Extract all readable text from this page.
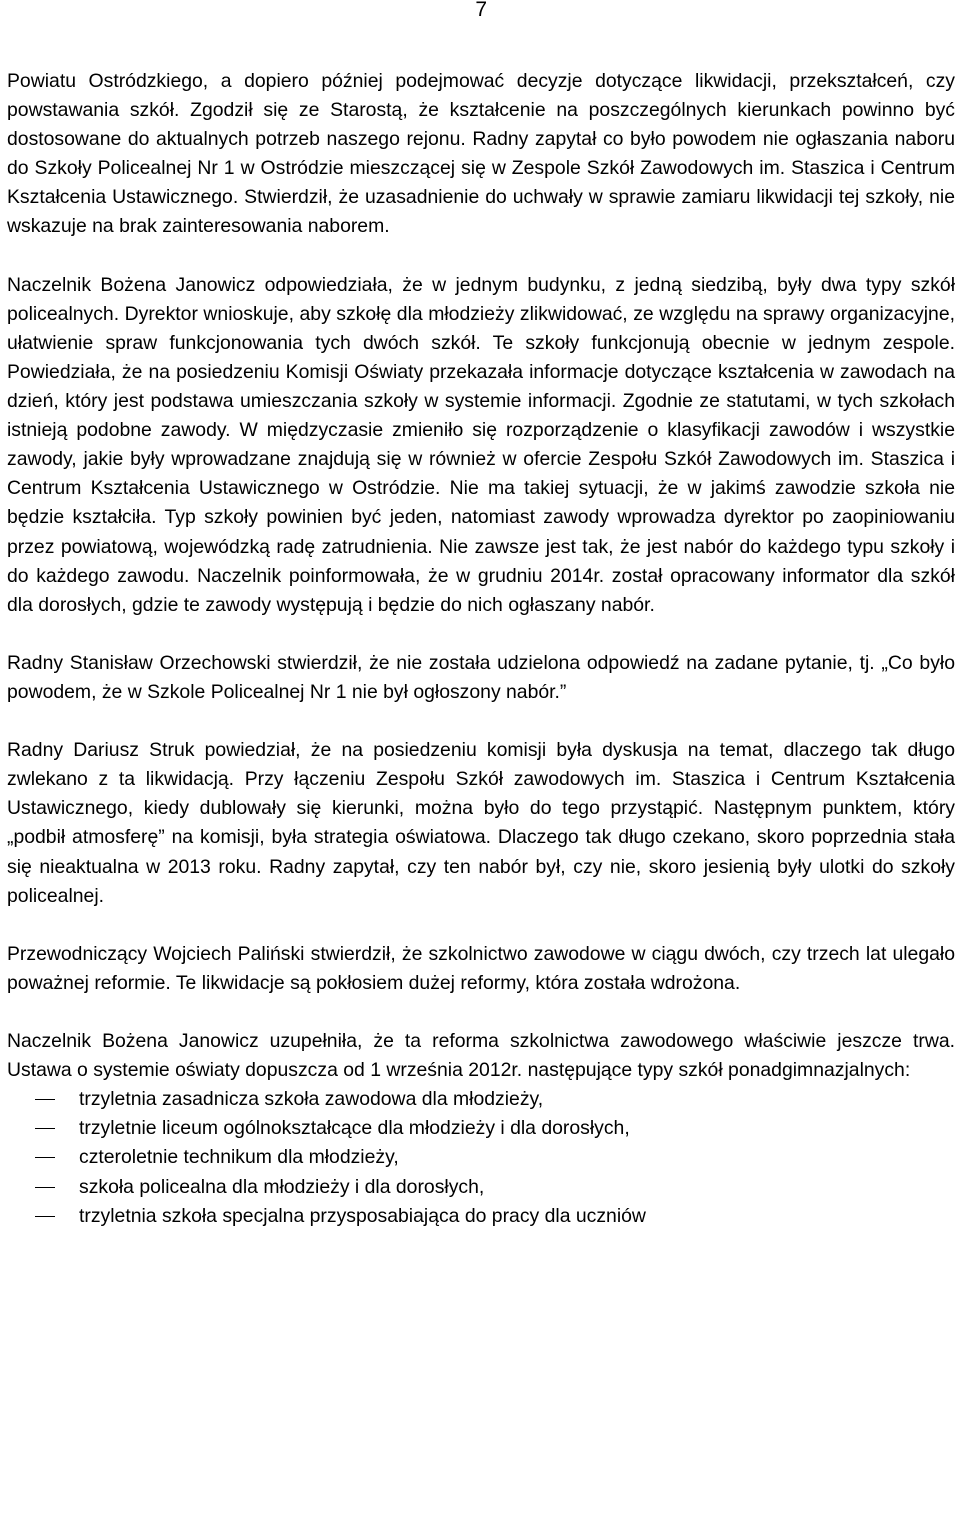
7

Powiatu Ostródzkiego, a dopiero później podejmować decyzje dotyczące likwidacji, przekształceń, czy powstawania szkół. Zgodził się ze Starostą, że kształcenie na poszczególnych kierunkach powinno być dostosowane do aktualnych potrzeb naszego rejonu. Radny zapytał co było powodem nie ogłaszania naboru do Szkoły Policealnej Nr 1 w Ostródzie mieszczącej się w Zespole Szkół Zawodowych im. Staszica i Centrum Kształcenia Ustawicznego. Stwierdził, że uzasadnienie do uchwały w sprawie zamiaru likwidacji tej szkoły, nie wskazuje na brak zainteresowania naborem.

Naczelnik Bożena Janowicz odpowiedziała, że w jednym budynku, z jedną siedzibą, były dwa typy szkół policealnych. Dyrektor wnioskuje, aby szkołę dla młodzieży zlikwidować, ze względu na sprawy organizacyjne, ułatwienie spraw funkcjonowania tych dwóch szkół. Te szkoły funkcjonują obecnie w jednym zespole. Powiedziała, że na posiedzeniu Komisji Oświaty przekazała informacje dotyczące kształcenia w zawodach na dzień, który jest podstawa umieszczania szkoły w systemie informacji. Zgodnie ze statutami, w tych szkołach istnieją podobne zawody. W międzyczasie zmieniło się rozporządzenie o klasyfikacji zawodów i wszystkie zawody, jakie były wprowadzane znajdują się w również w ofercie Zespołu Szkół Zawodowych im. Staszica i Centrum Kształcenia Ustawicznego w Ostródzie. Nie ma takiej sytuacji, że w jakimś zawodzie szkoła nie będzie kształciła. Typ szkoły powinien być jeden, natomiast zawody wprowadza dyrektor po zaopiniowaniu przez powiatową, wojewódzką radę zatrudnienia. Nie zawsze jest tak, że jest nabór do każdego typu szkoły i do każdego zawodu. Naczelnik poinformowała, że w grudniu 2014r. został opracowany informator dla szkół dla dorosłych, gdzie te zawody występują i będzie do nich ogłaszany nabór.

Radny Stanisław Orzechowski stwierdził, że nie została udzielona odpowiedź na zadane pytanie, tj. „Co było powodem, że w Szkole Policealnej Nr 1 nie był ogłoszony nabór.”

Radny Dariusz Struk powiedział, że na posiedzeniu komisji była dyskusja na temat, dlaczego tak długo zwlekano z ta likwidacją. Przy łączeniu Zespołu Szkół zawodowych im. Staszica i Centrum Kształcenia Ustawicznego, kiedy dublowały się kierunki, można było do tego przystąpić. Następnym punktem, który „podbił atmosferę” na komisji, była strategia oświatowa. Dlaczego tak długo czekano, skoro poprzednia stała się nieaktualna w 2013 roku. Radny zapytał, czy ten nabór był, czy nie, skoro jesienią były ulotki do szkoły policealnej.

Przewodniczący Wojciech Paliński stwierdził, że szkolnictwo zawodowe w ciągu dwóch, czy trzech lat ulegało poważnej reformie. Te likwidacje są pokłosiem dużej reformy, która została wdrożona.

Naczelnik Bożena Janowicz uzupełniła, że ta reforma szkolnictwa zawodowego właściwie jeszcze trwa. Ustawa o systemie oświaty dopuszcza od 1 września 2012r. następujące typy szkół ponadgimnazjalnych:

trzyletnia zasadnicza szkoła zawodowa dla młodzieży,
trzyletnie liceum ogólnokształcące dla młodzieży i dla dorosłych,
czteroletnie technikum dla młodzieży,
szkoła policealna dla młodzieży i dla dorosłych,
trzyletnia szkoła specjalna przysposabiająca do pracy dla uczniów
